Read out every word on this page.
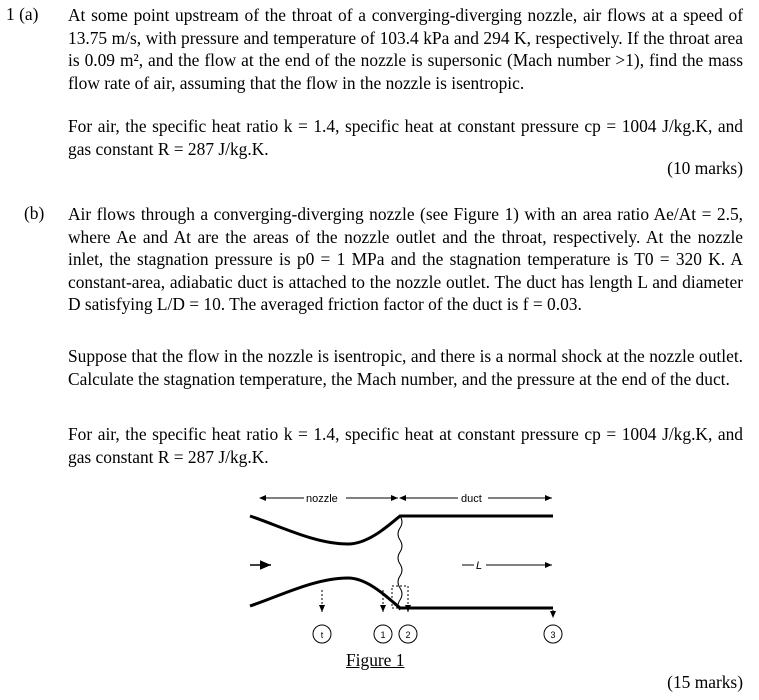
1 (a) At some point upstream of the throat of a converging-diverging nozzle, air flows at a speed of 13.75 m/s, with pressure and temperature of 103.4 kPa and 294 K, respectively. If the throat area is 0.09 m², and the flow at the end of the nozzle is supersonic (Mach number >1), find the mass flow rate of air, assuming that the flow in the nozzle is isentropic.

For air, the specific heat ratio k = 1.4, specific heat at constant pressure cp = 1004 J/kg.K, and gas constant R = 287 J/kg.K.

(10 marks)
(b) Air flows through a converging-diverging nozzle (see Figure 1) with an area ratio Ae/At = 2.5, where Ae and At are the areas of the nozzle outlet and the throat, respectively. At the nozzle inlet, the stagnation pressure is p0 = 1 MPa and the stagnation temperature is T0 = 320 K. A constant-area, adiabatic duct is attached to the nozzle outlet. The duct has length L and diameter D satisfying L/D = 10. The averaged friction factor of the duct is f = 0.03.

Suppose that the flow in the nozzle is isentropic, and there is a normal shock at the nozzle outlet. Calculate the stagnation temperature, the Mach number, and the pressure at the end of the duct.

For air, the specific heat ratio k = 1.4, specific heat at constant pressure cp = 1004 J/kg.K, and gas constant R = 287 J/kg.K.

nozzle	duct
L
t	1 2	3
Figure 1
(15 marks)
